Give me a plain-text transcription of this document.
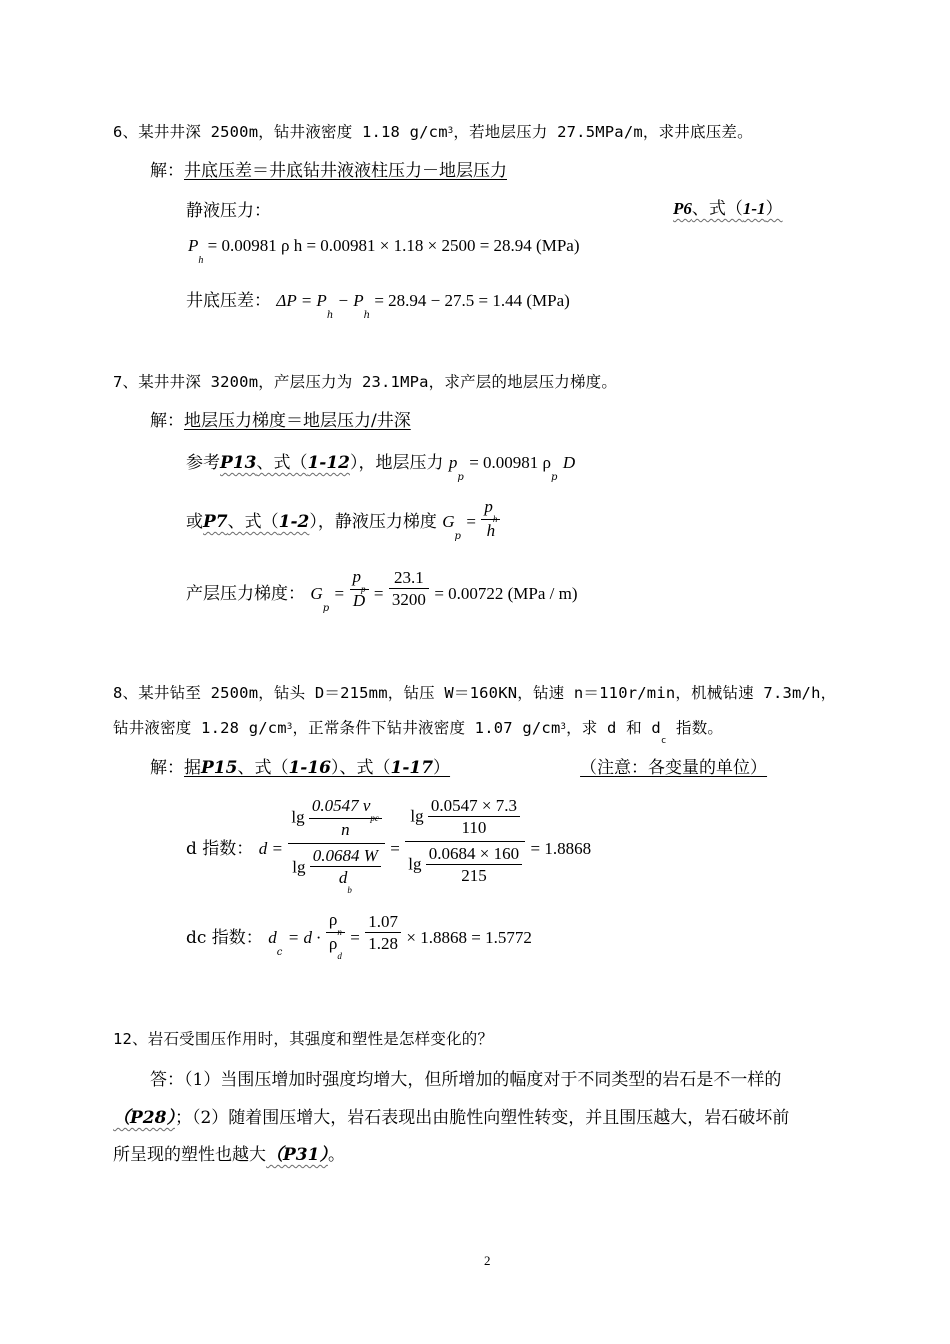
6、某井井深 2500m，钻井液密度 1.18 $g/cm^3$，若地层压力 27.5MPa/m，求井底压差。
解：井底压差＝井底钻井液液柱压力－地层压力
静液压力：	P6、式（1-1）
$P_h = 0.00981$ ρ h = 0.00981 × 1.18 × 2500 = 28.94 (MPa)
井底压差： $\Delta P = P_h - P_h = 28.94 - 27.5 = 1.44$ (MPa)
7、某井井深 3200m，产层压力为 23.1MPa，求产层的地层压力梯度。
解：地层压力梯度＝地层压力/井深
参考P13、式（1-12），地层压力 $p_p = 0.00981$ $\rho_p$ D
或P7、式（1-2），静液压力梯度 $G_p = \frac{p_h}{h}$
产层压力梯度： $G_p = \frac{p_p}{D} = \frac{23.1}{3200} = 0.00722$ (MPa / m)
8、某井钻至 2500m，钻头 D＝215mm，钻压 W＝160KN，钻速 n＝110r/min，机械钻速 7.3m/h，
钻井液密度 1.28 $g/cm^3$，正常条件下钻井液密度 1.07 $g/cm^3$，求 d 和 $d_c$ 指数。
解：据P15、式（1-16）、式（1-17）	（注意：各变量的单位）
d 指数： $d = \frac{\lg \frac{0.0547 v_{pc}}{n}}{\lg \frac{0.0684 W}{d_b}} = \frac{\lg \frac{0.0547 \times 7.3}{110}}{\lg \frac{0.0684 \times 160}{215}} = 1.8868$
dc 指数： $d_c = d \cdot \frac{\rho_n}{\rho_d} = \frac{1.07}{1.28} \times 1.8868 = 1.5772$
12、岩石受围压作用时，其强度和塑性是怎样变化的？
答：（1）当围压增加时强度均增大，但所增加的幅度对于不同类型的岩石是不一样的
（P28）；（2）随着围压增大，岩石表现出由脆性向塑性转变，并且围压越大，岩石破坏前
所呈现的塑性也越大（P31）。
2
